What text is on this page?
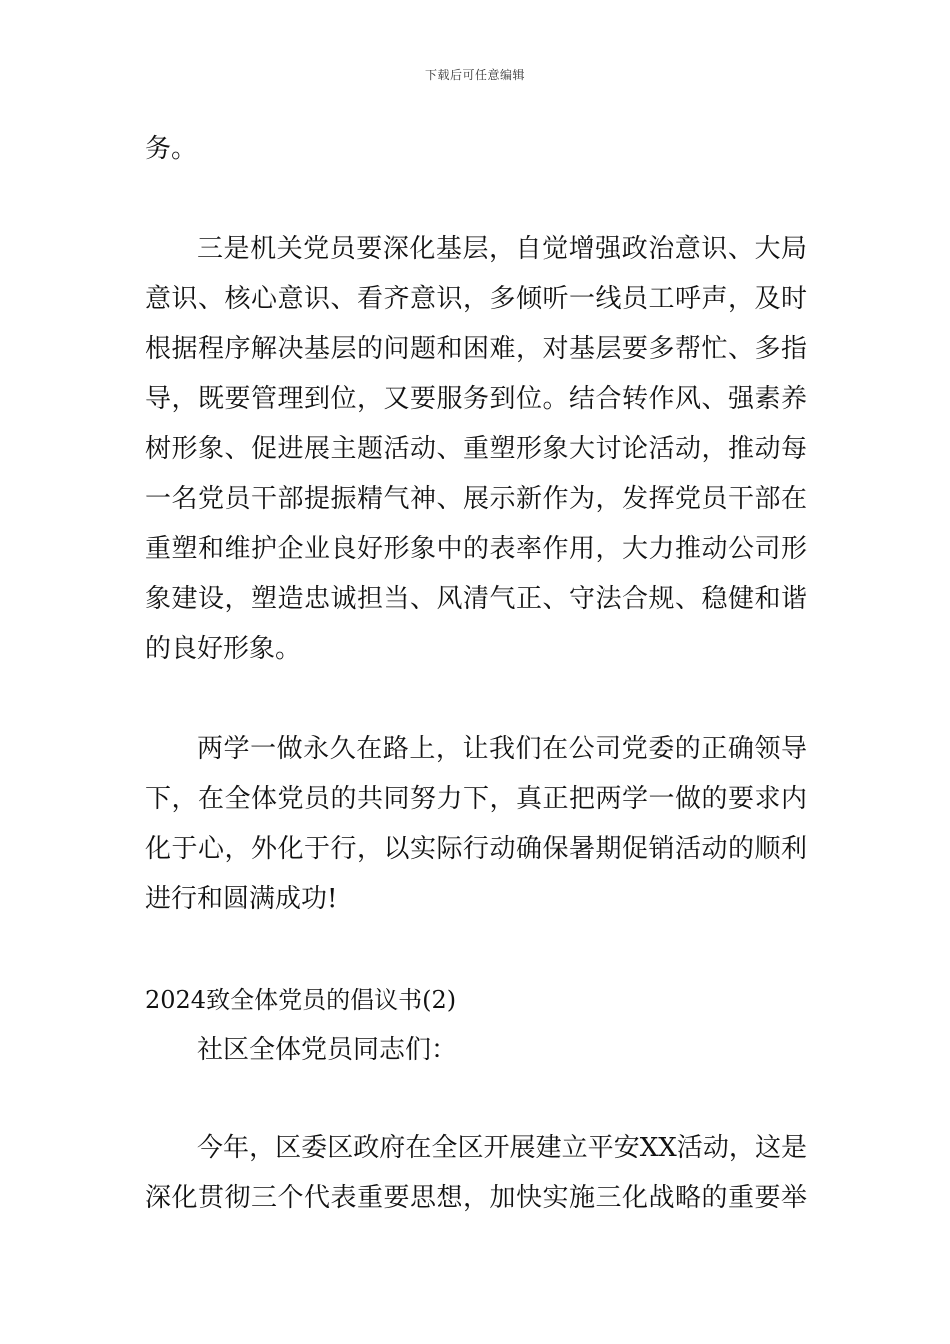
下载后可任意编辑
务。
三是机关党员要深化基层，自觉增强政治意识、大局
意识、核心意识、看齐意识，多倾听一线员工呼声，及时
根据程序解决基层的问题和困难，对基层要多帮忙、多指
导，既要管理到位，又要服务到位。结合转作风、强素养
树形象、促进展主题活动、重塑形象大讨论活动，推动每
一名党员干部提振精气神、展示新作为，发挥党员干部在
重塑和维护企业良好形象中的表率作用，大力推动公司形
象建设，塑造忠诚担当、风清气正、守法合规、稳健和谐
的良好形象。
两学一做永久在路上，让我们在公司党委的正确领导
下，在全体党员的共同努力下，真正把两学一做的要求内
化于心，外化于行，以实际行动确保暑期促销活动的顺利
进行和圆满成功!
2024致全体党员的倡议书(2)
社区全体党员同志们：
今年，区委区政府在全区开展建立平安XX活动，这是
深化贯彻三个代表重要思想，加快实施三化战略的重要举
